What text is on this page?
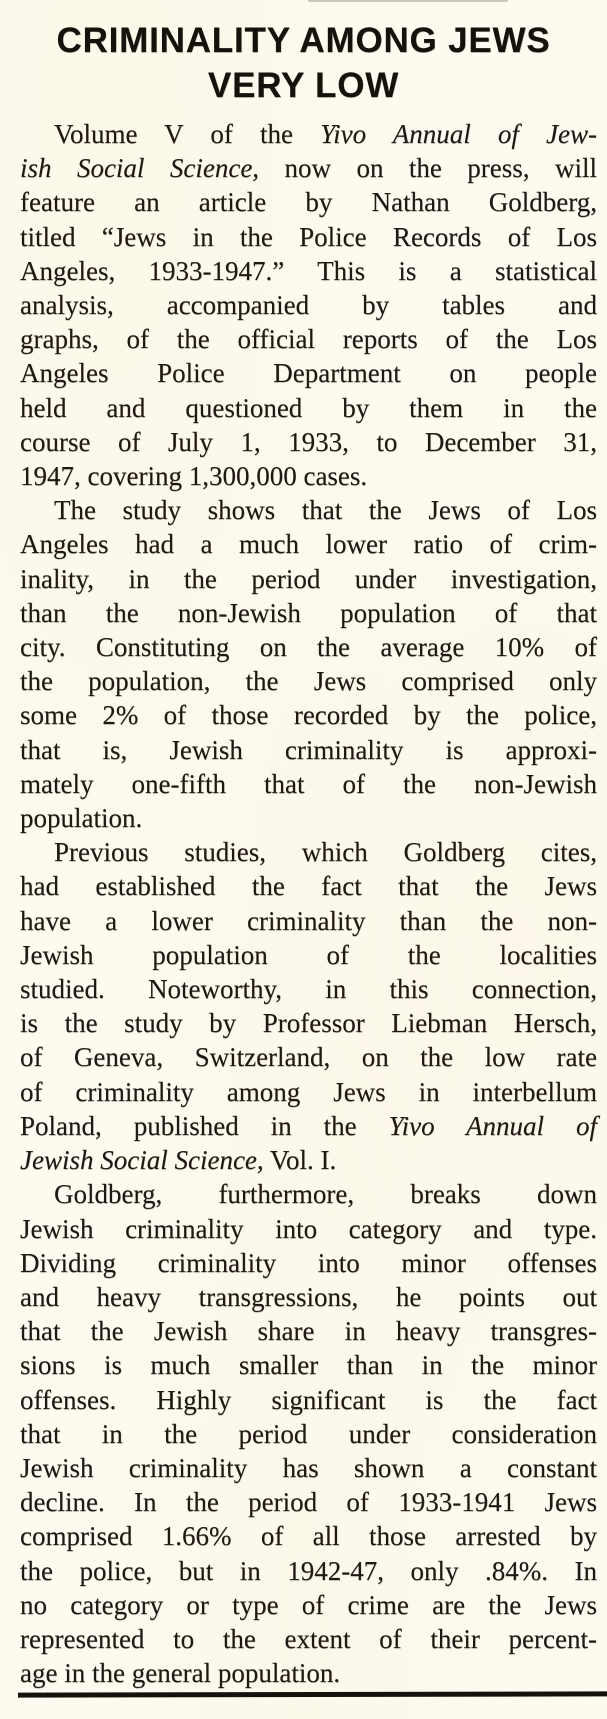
CRIMINALITY AMONG JEWS
VERY LOW
Volume V of the Yivo Annual of Jew-
ish Social Science, now on the press, will
feature an article by Nathan Goldberg,
titled “Jews in the Police Records of Los
Angeles, 1933-1947.” This is a statistical
analysis, accompanied by tables and
graphs, of the official reports of the Los
Angeles Police Department on people
held and questioned by them in the
course of July 1, 1933, to December 31,
1947, covering 1,300,000 cases.
The study shows that the Jews of Los
Angeles had a much lower ratio of crim-
inality, in the period under investigation,
than the non-Jewish population of that
city. Constituting on the average 10% of
the population, the Jews comprised only
some 2% of those recorded by the police,
that is, Jewish criminality is approxi-
mately one-fifth that of the non-Jewish
population.
Previous studies, which Goldberg cites,
had established the fact that the Jews
have a lower criminality than the non-
Jewish population of the localities
studied. Noteworthy, in this connection,
is the study by Professor Liebman Hersch,
of Geneva, Switzerland, on the low rate
of criminality among Jews in interbellum
Poland, published in the Yivo Annual of
Jewish Social Science, Vol. I.
Goldberg, furthermore, breaks down
Jewish criminality into category and type.
Dividing criminality into minor offenses
and heavy transgressions, he points out
that the Jewish share in heavy transgres-
sions is much smaller than in the minor
offenses. Highly significant is the fact
that in the period under consideration
Jewish criminality has shown a constant
decline. In the period of 1933-1941 Jews
comprised 1.66% of all those arrested by
the police, but in 1942-47, only .84%. In
no category or type of crime are the Jews
represented to the extent of their percent-
age in the general population.
